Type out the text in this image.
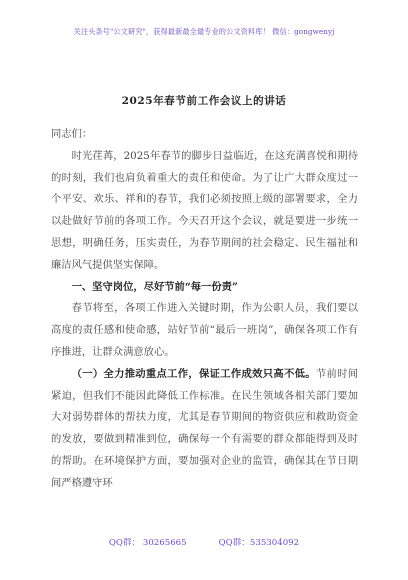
关注头条号"公文研究"，获得最新最全最专业的公文资料库！ 微信：gongwenyj
2025年春节前工作会议上的讲话

同志们：

时光荏苒，2025年春节的脚步日益临近，在这充满喜悦和期待的时刻，我们也肩负着重大的责任和使命。为了让广大群众度过一个平安、欢乐、祥和的春节，我们必须按照上级的部署要求，全力以赴做好节前的各项工作。今天召开这个会议，就是要进一步统一思想，明确任务，压实责任，为春节期间的社会稳定、民生福祉和廉洁风气提供坚实保障。

一、坚守岗位，尽好节前“每一份责”

春节将至，各项工作进入关键时期，作为公职人员，我们要以高度的责任感和使命感，站好节前“最后一班岗”，确保各项工作有序推进，让群众满意放心。

（一）全力推动重点工作，保证工作成效只高不低。节前时间紧迫，但我们不能因此降低工作标准。在民生领域各相关部门要加大对弱势群体的帮扶力度，尤其是春节期间的物资供应和救助资金的发放，要做到精准到位，确保每一个有需要的群众都能得到及时的帮助。在环境保护方面，要加强对企业的监管，确保其在节日期间严格遵守环

QQ群： 30265665	QQ群：535304092
